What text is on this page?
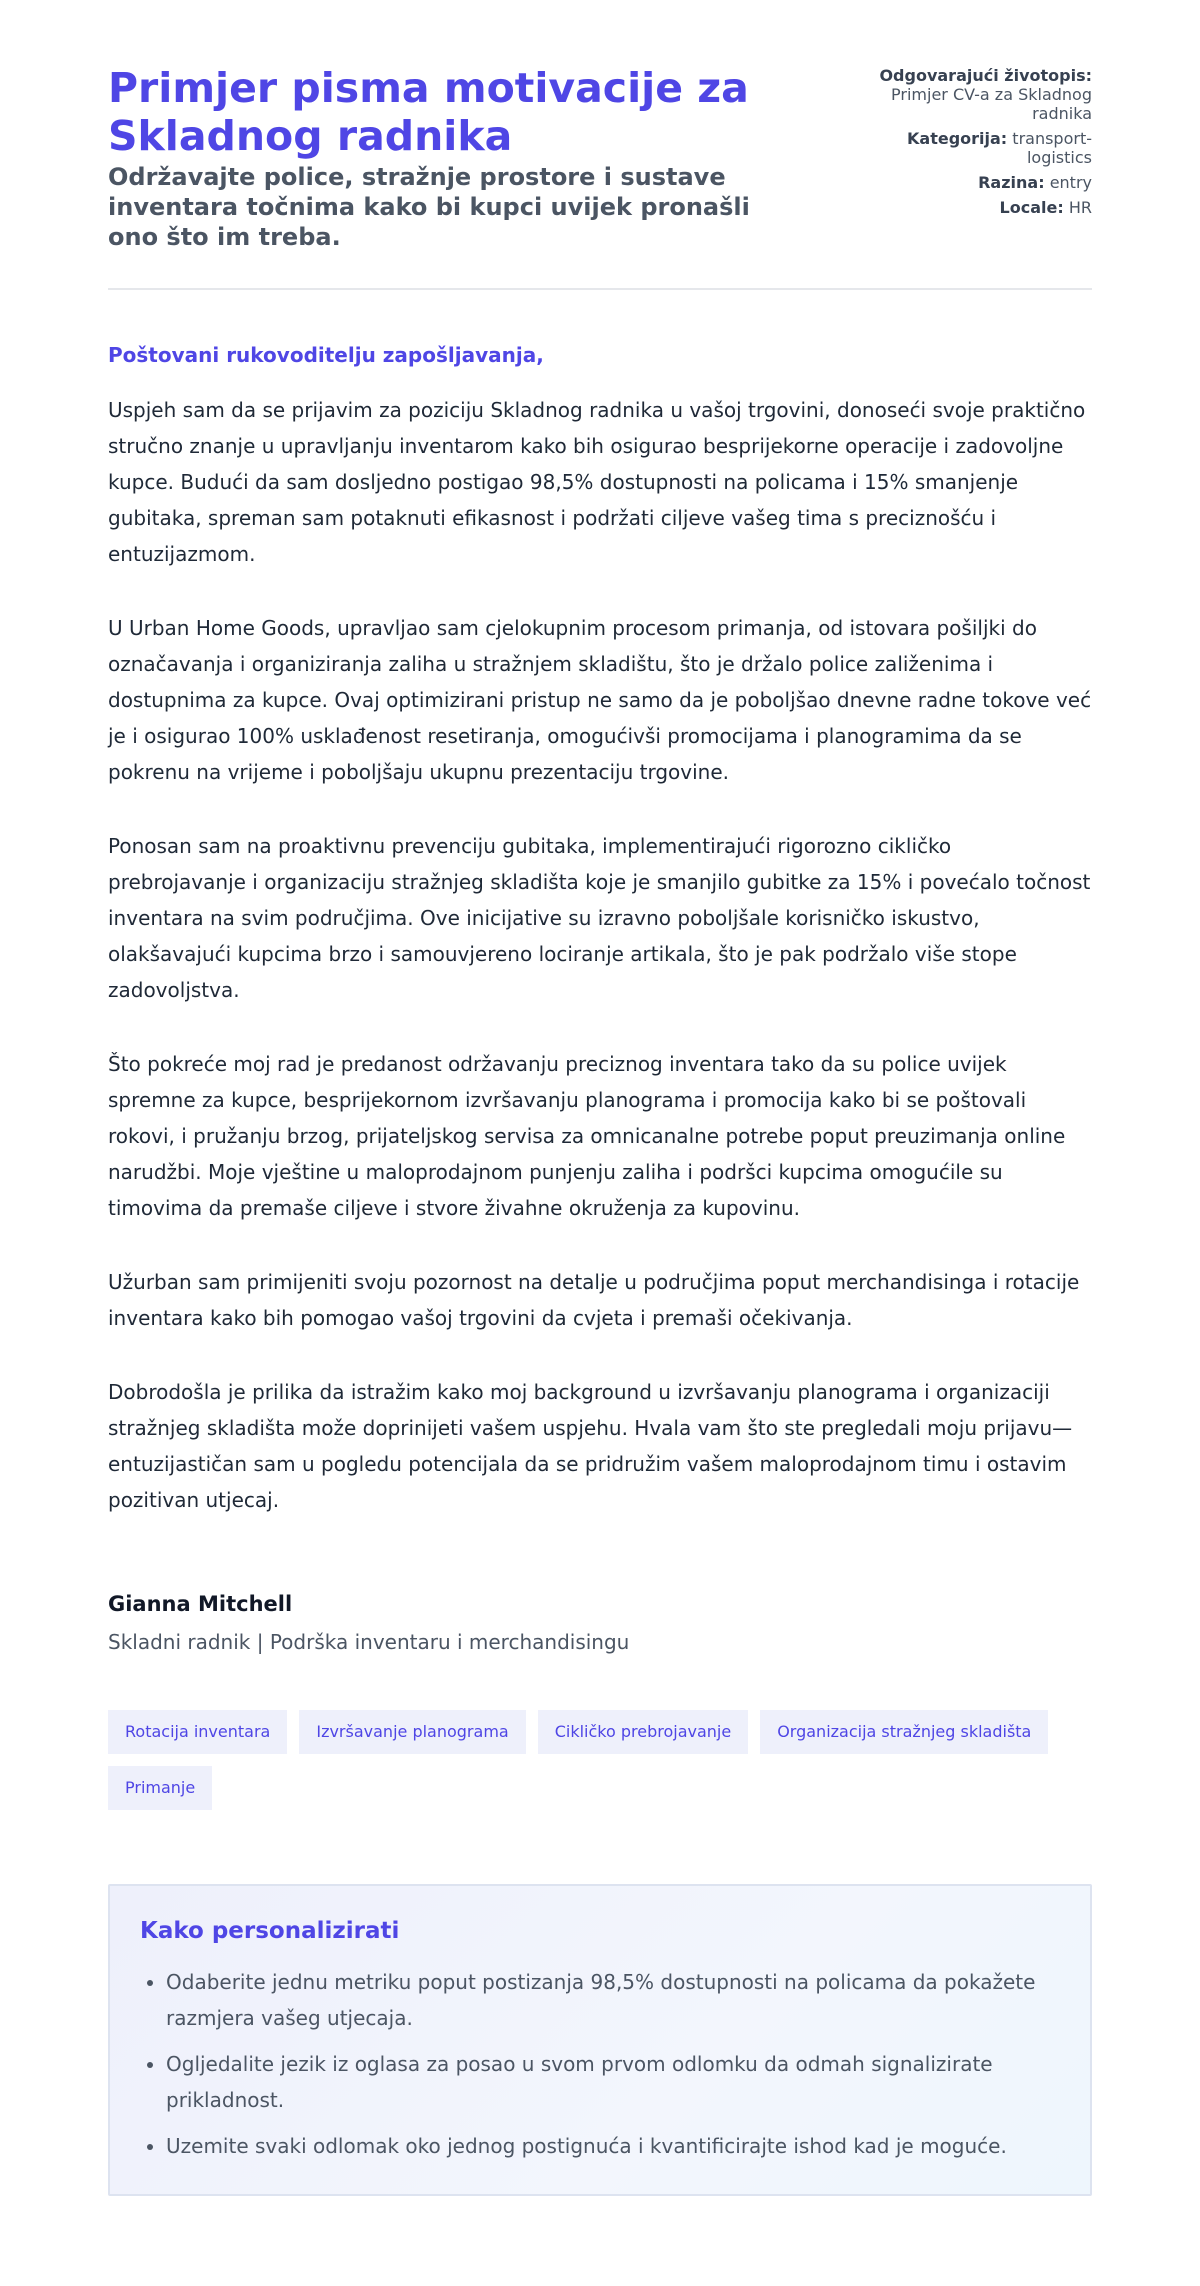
Primjer pisma motivacije za Skladnog radnika
Održavajte police, stražnje prostore i sustave inventara točnima kako bi kupci uvijek pronašli ono što im treba.
Odgovarajući životopis: Primjer CV-a za Skladnog radnika
Kategorija: transport-logistics
Razina: entry
Locale: HR

Poštovani rukovoditelju zapošljavanja,

Uspjeh sam da se prijavim za poziciju Skladnog radnika u vašoj trgovini, donoseći svoje praktično stručno znanje u upravljanju inventarom kako bih osigurao besprijekorne operacije i zadovoljne kupce. Budući da sam dosljedno postigao 98,5% dostupnosti na policama i 15% smanjenje gubitaka, spreman sam potaknuti efikasnost i podržati ciljeve vašeg tima s preciznošću i entuzijazmom.

U Urban Home Goods, upravljao sam cjelokupnim procesom primanja, od istovara pošiljki do označavanja i organiziranja zaliha u stražnjem skladištu, što je držalo police zaliženima i dostupnima za kupce. Ovaj optimizirani pristup ne samo da je poboljšao dnevne radne tokove već je i osigurao 100% usklađenost resetiranja, omogućivši promocijama i planogramima da se pokrenu na vrijeme i poboljšaju ukupnu prezentaciju trgovine.

Ponosan sam na proaktivnu prevenciju gubitaka, implementirajući rigorozno cikličko prebrojavanje i organizaciju stražnjeg skladišta koje je smanjilo gubitke za 15% i povećalo točnost inventara na svim područjima. Ove inicijative su izravno poboljšale korisničko iskustvo, olakšavajući kupcima brzo i samouvjereno lociranje artikala, što je pak podržalo više stope zadovoljstva.

Što pokreće moj rad je predanost održavanju preciznog inventara tako da su police uvijek spremne za kupce, besprijekornom izvršavanju planograma i promocija kako bi se poštovali rokovi, i pružanju brzog, prijateljskog servisa za omnicanalne potrebe poput preuzimanja online narudžbi. Moje vještine u maloprodajnom punjenju zaliha i podršci kupcima omogućile su timovima da premaše ciljeve i stvore živahne okruženja za kupovinu.

Užurban sam primijeniti svoju pozornost na detalje u područjima poput merchandisinga i rotacije inventara kako bih pomogao vašoj trgovini da cvjeta i premaši očekivanja.

Dobrodošla je prilika da istražim kako moj background u izvršavanju planograma i organizaciji stražnjeg skladišta može doprinijeti vašem uspjehu. Hvala vam što ste pregledali moju prijavu—entuzijastičan sam u pogledu potencijala da se pridružim vašem maloprodajnom timu i ostavim pozitivan utjecaj.

Gianna Mitchell
Skladni radnik | Podrška inventaru i merchandisingu
Rotacija inventara	Izvršavanje planograma	Cikličko prebrojavanje	Organizacija stražnjeg skladišta
Primanje
Kako personalizirati
• Odaberite jednu metriku poput postizanja 98,5% dostupnosti na policama da pokažete razmjera vašeg utjecaja.
• Ogljedalite jezik iz oglasa za posao u svom prvom odlomku da odmah signalizirate prikladnost.
• Uzemite svaki odlomak oko jednog postignuća i kvantificirajte ishod kad je moguće.
